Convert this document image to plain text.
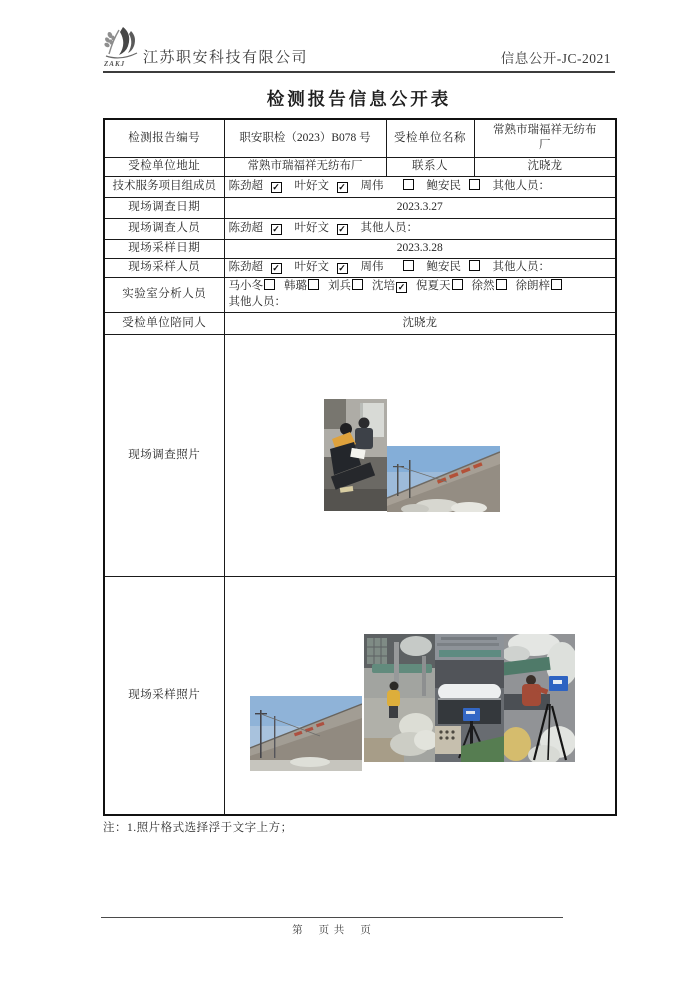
ZAKJ 江苏职安科技有限公司	信息公开-JC-2021
检测报告信息公开表
检测报告编号	职安职检（2023）B078 号	受检单位名称	常熟市瑞福祥无纺布厂

受检单位地址	常熟市瑞福祥无纺布厂	联系人	沈晓龙
技术服务项目组成员	陈劲超 ✓ 叶好文 ✓ 周伟 鲍安民 其他人员：		
现场调查日期	2023.3.27		
现场调查人员	陈劲超 ✓ 叶好文 ✓ 其他人员：		
现场采样日期	2023.3.28		
现场采样人员	陈劲超 ✓ 叶好文 ✓ 周伟 鲍安民 其他人员：		
实验室分析人员	马小冬 韩璐 刘兵 沈培 ✓ 倪夏天 徐然 徐朗梓
其他人员：		

受检单位陪同人	沈晓龙		
现场调查照片	

现场采样照片	
注：1.照片格式选择浮于文字上方；
第　 页 共　 页
